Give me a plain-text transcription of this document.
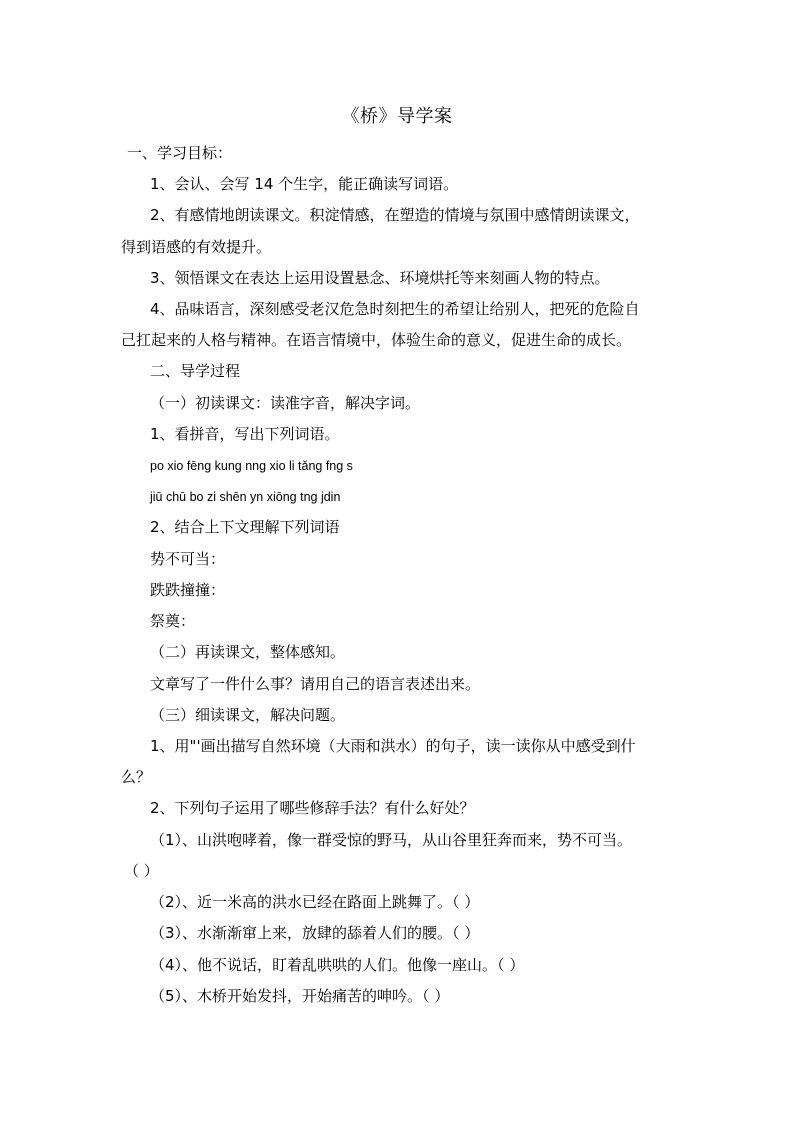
《桥》导学案
一、学习目标：
1、会认、会写 14 个生字，能正确读写词语。
2、有感情地朗读课文。积淀情感，在塑造的情境与氛围中感情朗读课文，
得到语感的有效提升。
3、领悟课文在表达上运用设置悬念、环境烘托等来刻画人物的特点。
4、品味语言，深刻感受老汉危急时刻把生的希望让给别人，把死的危险自
己扛起来的人格与精神。在语言情境中，体验生命的意义，促进生命的成长。
二、导学过程
（一）初读课文：读准字音，解决字词。
1、看拼音，写出下列词语。
po xio fēng kung nng xio li tǎng fng s
jiū chū bo zi shēn yn xiōng tng jdin
2、结合上下文理解下列词语
势不可当：
跌跌撞撞：
祭奠：
（二）再读课文，整体感知。
文章写了一件什么事？请用自己的语言表述出来。
（三）细读课文，解决问题。
1、用"'画出描写自然环境（大雨和洪水）的句子，读一读你从中感受到什
么？
2、下列句子运用了哪些修辞手法？有什么好处？
（1）、山洪咆哮着，像一群受惊的野马，从山谷里狂奔而来，势不可当。
（ ）
（2）、近一米高的洪水已经在路面上跳舞了。（ ）
（3）、水渐渐窜上来，放肆的舔着人们的腰。（ ）
（4）、他不说话，盯着乱哄哄的人们。他像一座山。（ ）
（5）、木桥开始发抖，开始痛苦的呻吟。（ ）
